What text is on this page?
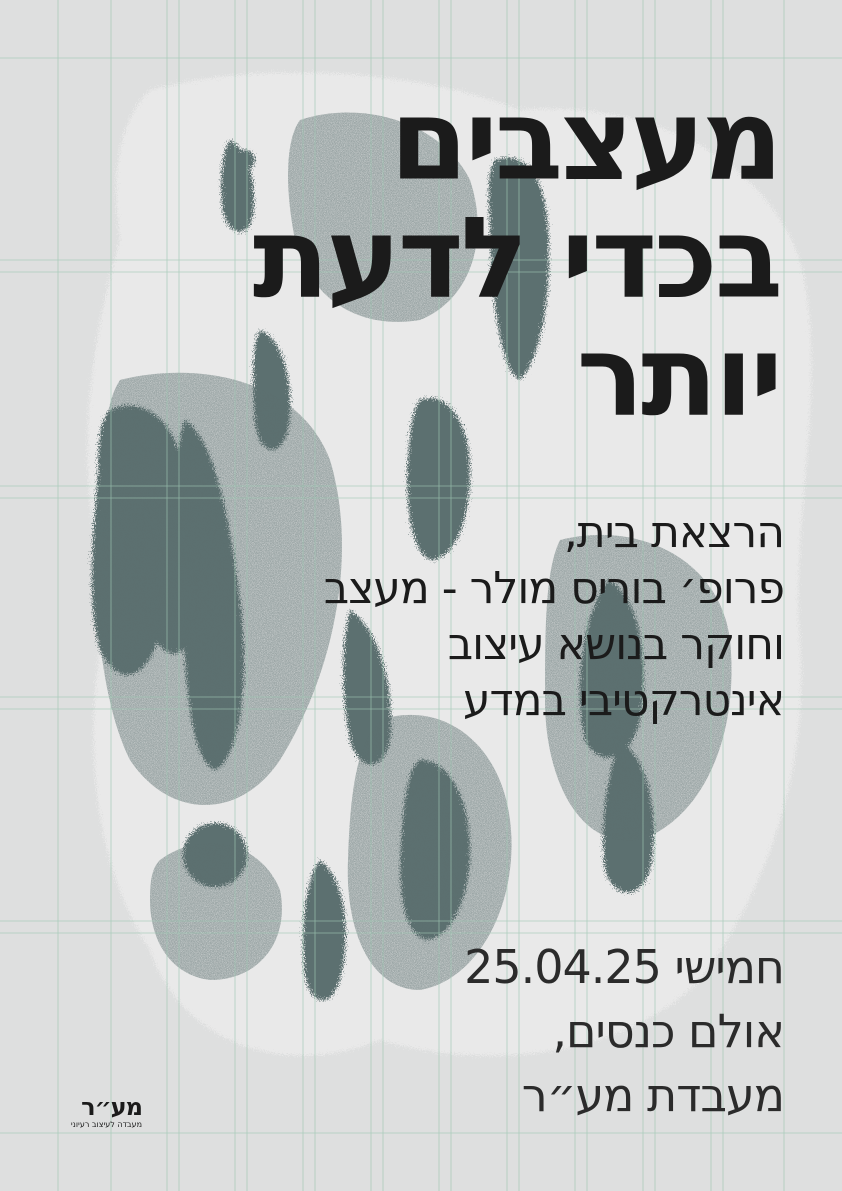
מעצבים
בכדי לדעת
יותר
הרצאת בית,
פרופ׳ בוריס מולר - מעצב
וחוקר בנושא עיצוב
אינטרקטיבי במדע
חמישי 25.04.25
אולם כנסים,
מעבדת מע״ר
מע״ר
מעבדה לעיצוב רעיוני
